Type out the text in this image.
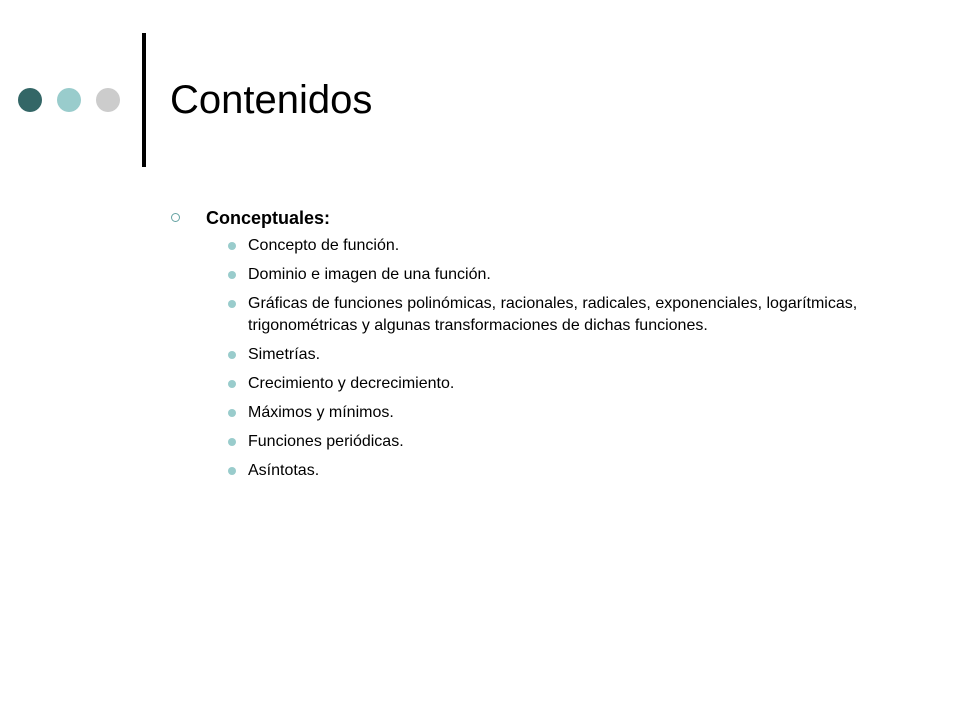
Contenidos
Conceptuales:
Concepto de función.
Dominio e imagen de una función.
Gráficas de funciones polinómicas, racionales, radicales, exponenciales, logarítmicas, trigonométricas y algunas transformaciones de dichas funciones.
Simetrías.
Crecimiento y decrecimiento.
Máximos y mínimos.
Funciones periódicas.
Asíntotas.
